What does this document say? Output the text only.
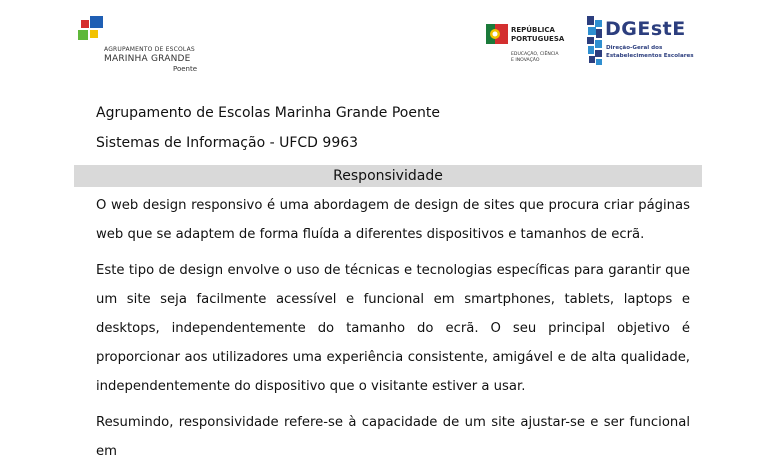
AGRUPAMENTO DE ESCOLAS
MARINHA GRANDE
Poente
REPÚBLICA
PORTUGUESA
EDUCAÇÃO, CIÊNCIA
E INOVAÇÃO
DGEstE
Direção-Geral dos
Estabelecimentos Escolares
Agrupamento de Escolas Marinha Grande Poente
Sistemas de Informação - UFCD 9963
Responsividade

O web design responsivo é uma abordagem de design de sites que procura criar páginas web que se adaptem de forma fluída a diferentes dispositivos e tamanhos de ecrã.

Este tipo de design envolve o uso de técnicas e tecnologias específicas para garantir que um site seja facilmente acessível e funcional em smartphones, tablets, laptops e desktops, independentemente do tamanho do ecrã. O seu principal objetivo é proporcionar aos utilizadores uma experiência consistente, amigável e de alta qualidade, independentemente do dispositivo que o visitante estiver a usar.

Resumindo, responsividade refere-se à capacidade de um site ajustar-se e ser funcional em
